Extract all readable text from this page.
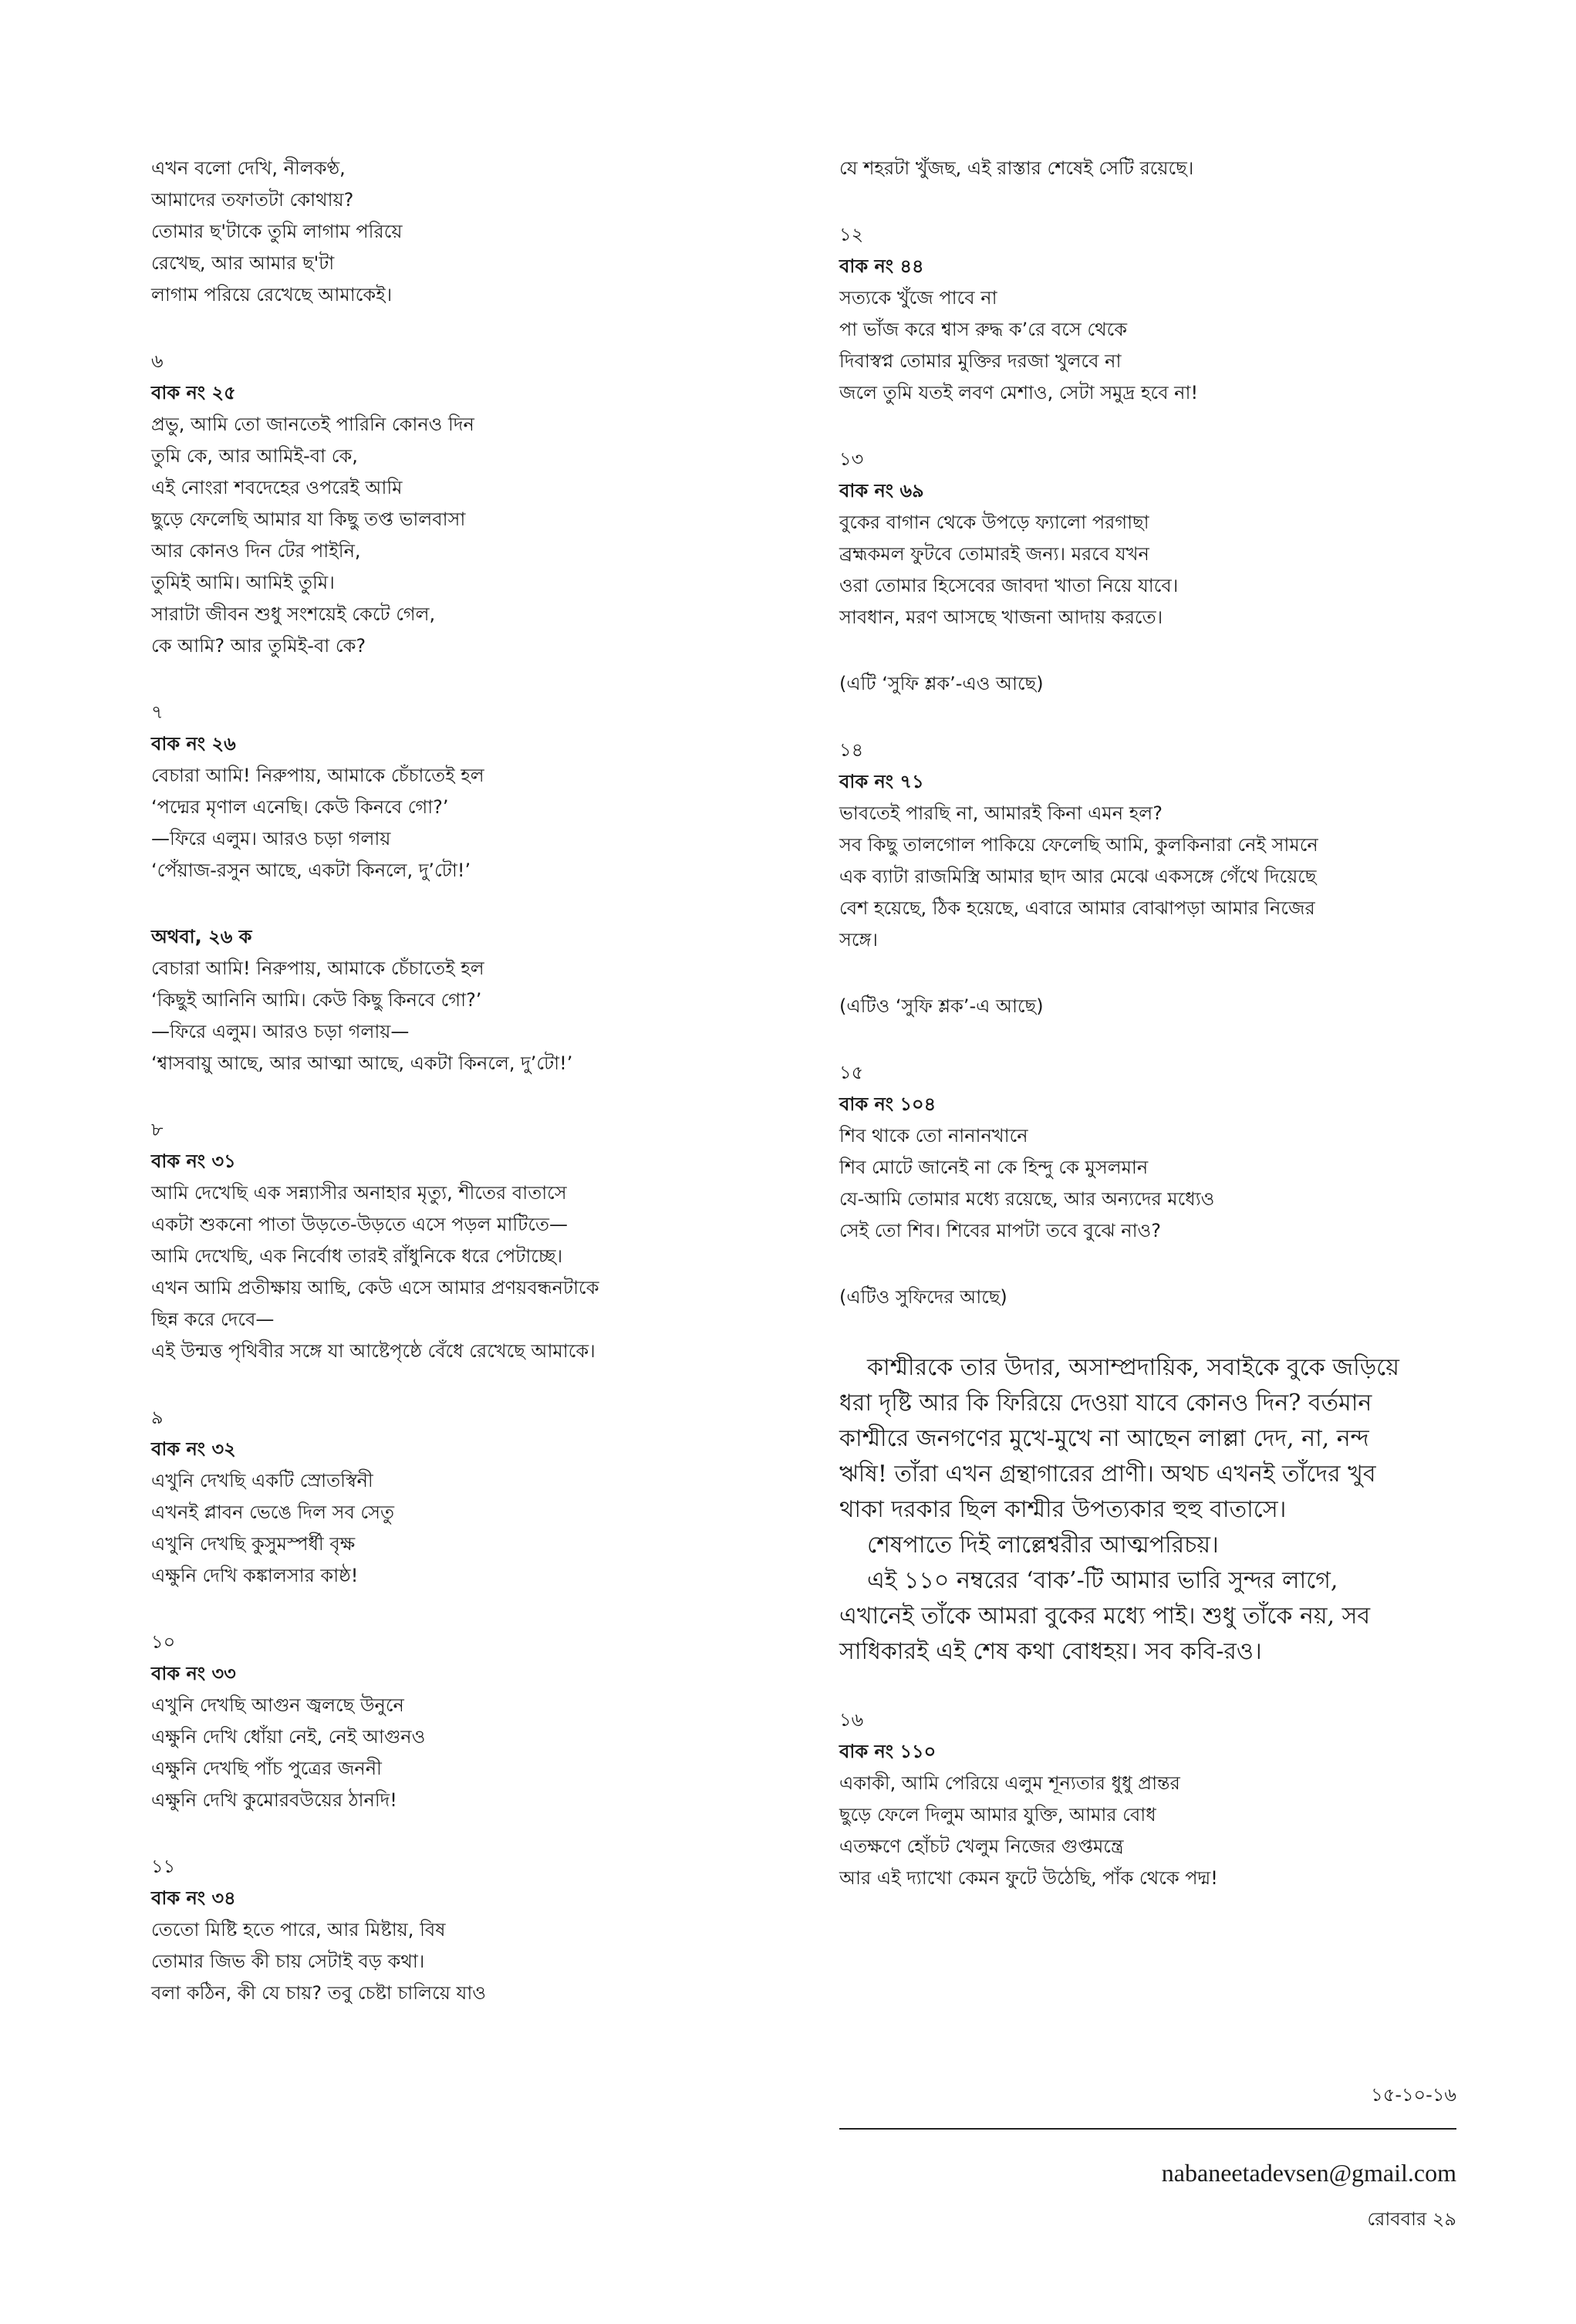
এখন বলো দেখি, নীলকণ্ঠ,
আমাদের তফাতটা কোথায়?
তোমার ছ'টাকে তুমি লাগাম পরিয়ে
রেখেছ, আর আমার ছ'টা
লাগাম পরিয়ে রেখেছে আমাকেই।
৬
বাক নং ২৫
প্রভু, আমি তো জানতেই পারিনি কোনও দিন
তুমি কে, আর আমিই-বা কে,
এই নোংরা শবদেহের ওপরেই আমি
ছুড়ে ফেলেছি আমার যা কিছু তপ্ত ভালবাসা
আর কোনও দিন টের পাইনি,
তুমিই আমি। আমিই তুমি।
সারাটা জীবন শুধু সংশয়েই কেটে গেল,
কে আমি? আর তুমিই-বা কে?
৭
বাক নং ২৬
বেচারা আমি! নিরুপায়, আমাকে চেঁচাতেই হল
‘পদ্মের মৃণাল এনেছি। কেউ কিনবে গো?’
—ফিরে এলুম। আরও চড়া গলায়
‘পেঁয়াজ-রসুন আছে, একটা কিনলে, দু’টো!’
অথবা, ২৬ ক
বেচারা আমি! নিরুপায়, আমাকে চেঁচাতেই হল
‘কিছুই আনিনি আমি। কেউ কিছু কিনবে গো?’
—ফিরে এলুম। আরও চড়া গলায়—
‘শ্বাসবায়ু আছে, আর আত্মা আছে, একটা কিনলে, দু’টো!’
৮
বাক নং ৩১
আমি দেখেছি এক সন্ন্যাসীর অনাহার মৃত্যু, শীতের বাতাসে
একটা শুকনো পাতা উড়তে-উড়তে এসে পড়ল মাটিতে—
আমি দেখেছি, এক নির্বোধ তারই রাঁধুনিকে ধরে পেটাচ্ছে।
এখন আমি প্রতীক্ষায় আছি, কেউ এসে আমার প্রণয়বন্ধনটাকে
ছিন্ন করে দেবে—
এই উন্মত্ত পৃথিবীর সঙ্গে যা আষ্টেপৃষ্ঠে বেঁধে রেখেছে আমাকে।
৯
বাক নং ৩২
এখুনি দেখছি একটি স্রোতস্বিনী
এখনই প্লাবন ভেঙে দিল সব সেতু
এখুনি দেখছি কুসুমস্পর্ধী বৃক্ষ
এক্ষুনি দেখি কঙ্কালসার কাষ্ঠ!
১০
বাক নং ৩৩
এখুনি দেখছি আগুন জ্বলছে উনুনে
এক্ষুনি দেখি ধোঁয়া নেই, নেই আগুনও
এক্ষুনি দেখছি পাঁচ পুত্রের জননী
এক্ষুনি দেখি কুমোরবউয়ের ঠানদি!
১১
বাক নং ৩৪
তেতো মিষ্টি হতে পারে, আর মিষ্টায়, বিষ
তোমার জিভ কী চায় সেটাই বড় কথা।
বলা কঠিন, কী যে চায়? তবু চেষ্টা চালিয়ে যাও
যে শহরটা খুঁজছ, এই রাস্তার শেষেই সেটি রয়েছে।
১২
বাক নং ৪৪
সত্যকে খুঁজে পাবে না
পা ভাঁজ করে শ্বাস রুদ্ধ ক’রে বসে থেকে
দিবাস্বপ্ন তোমার মুক্তির দরজা খুলবে না
জলে তুমি যতই লবণ মেশাও, সেটা সমুদ্র হবে না!
১৩
বাক নং ৬৯
বুকের বাগান থেকে উপড়ে ফ্যালো পরগাছা
ব্রহ্মকমল ফুটবে তোমারই জন্য। মরবে যখন
ওরা তোমার হিসেবের জাবদা খাতা নিয়ে যাবে।
সাবধান, মরণ আসছে খাজনা আদায় করতে।
(এটি ‘সুফি শ্লক’-এও আছে)
১৪
বাক নং ৭১
ভাবতেই পারছি না, আমারই কিনা এমন হল?
সব কিছু তালগোল পাকিয়ে ফেলেছি আমি, কুলকিনারা নেই সামনে
এক ব্যাটা রাজমিস্ত্রি আমার ছাদ আর মেঝে একসঙ্গে গেঁথে দিয়েছে
বেশ হয়েছে, ঠিক হয়েছে, এবারে আমার বোঝাপড়া আমার নিজের
সঙ্গে।
(এটিও ‘সুফি শ্লক’-এ আছে)
১৫
বাক নং ১০৪
শিব থাকে তো নানানখানে
শিব মোটে জানেই না কে হিন্দু কে মুসলমান
যে-আমি তোমার মধ্যে রয়েছে, আর অন্যদের মধ্যেও
সেই তো শিব। শিবের মাপটা তবে বুঝে নাও?
(এটিও সুফিদের আছে)
কাশ্মীরকে তার উদার, অসাম্প্রদায়িক, সবাইকে বুকে জড়িয়ে
ধরা দৃষ্টি আর কি ফিরিয়ে দেওয়া যাবে কোনও দিন? বর্তমান
কাশ্মীরে জনগণের মুখে-মুখে না আছেন লাল্লা দেদ, না, নন্দ
ঋষি! তাঁরা এখন গ্রন্থাগারের প্রাণী। অথচ এখনই তাঁদের খুব
থাকা দরকার ছিল কাশ্মীর উপত্যকার হুহু বাতাসে।
শেষপাতে দিই লাল্লেশ্বরীর আত্মপরিচয়।
এই ১১০ নম্বরের ‘বাক’-টি আমার ভারি সুন্দর লাগে,
এখানেই তাঁকে আমরা বুকের মধ্যে পাই। শুধু তাঁকে নয়, সব
সাধিকারই এই শেষ কথা বোধহয়। সব কবি-রও।
১৬
বাক নং ১১০
একাকী, আমি পেরিয়ে এলুম শূন্যতার ধুধু প্রান্তর
ছুড়ে ফেলে দিলুম আমার যুক্তি, আমার বোধ
এতক্ষণে হোঁচট খেলুম নিজের গুপ্তমন্ত্রে
আর এই দ্যাখো কেমন ফুটে উঠেছি, পাঁক থেকে পদ্ম!
১৫-১০-১৬
nabaneetadevsen@gmail.com
রোববার ২৯
